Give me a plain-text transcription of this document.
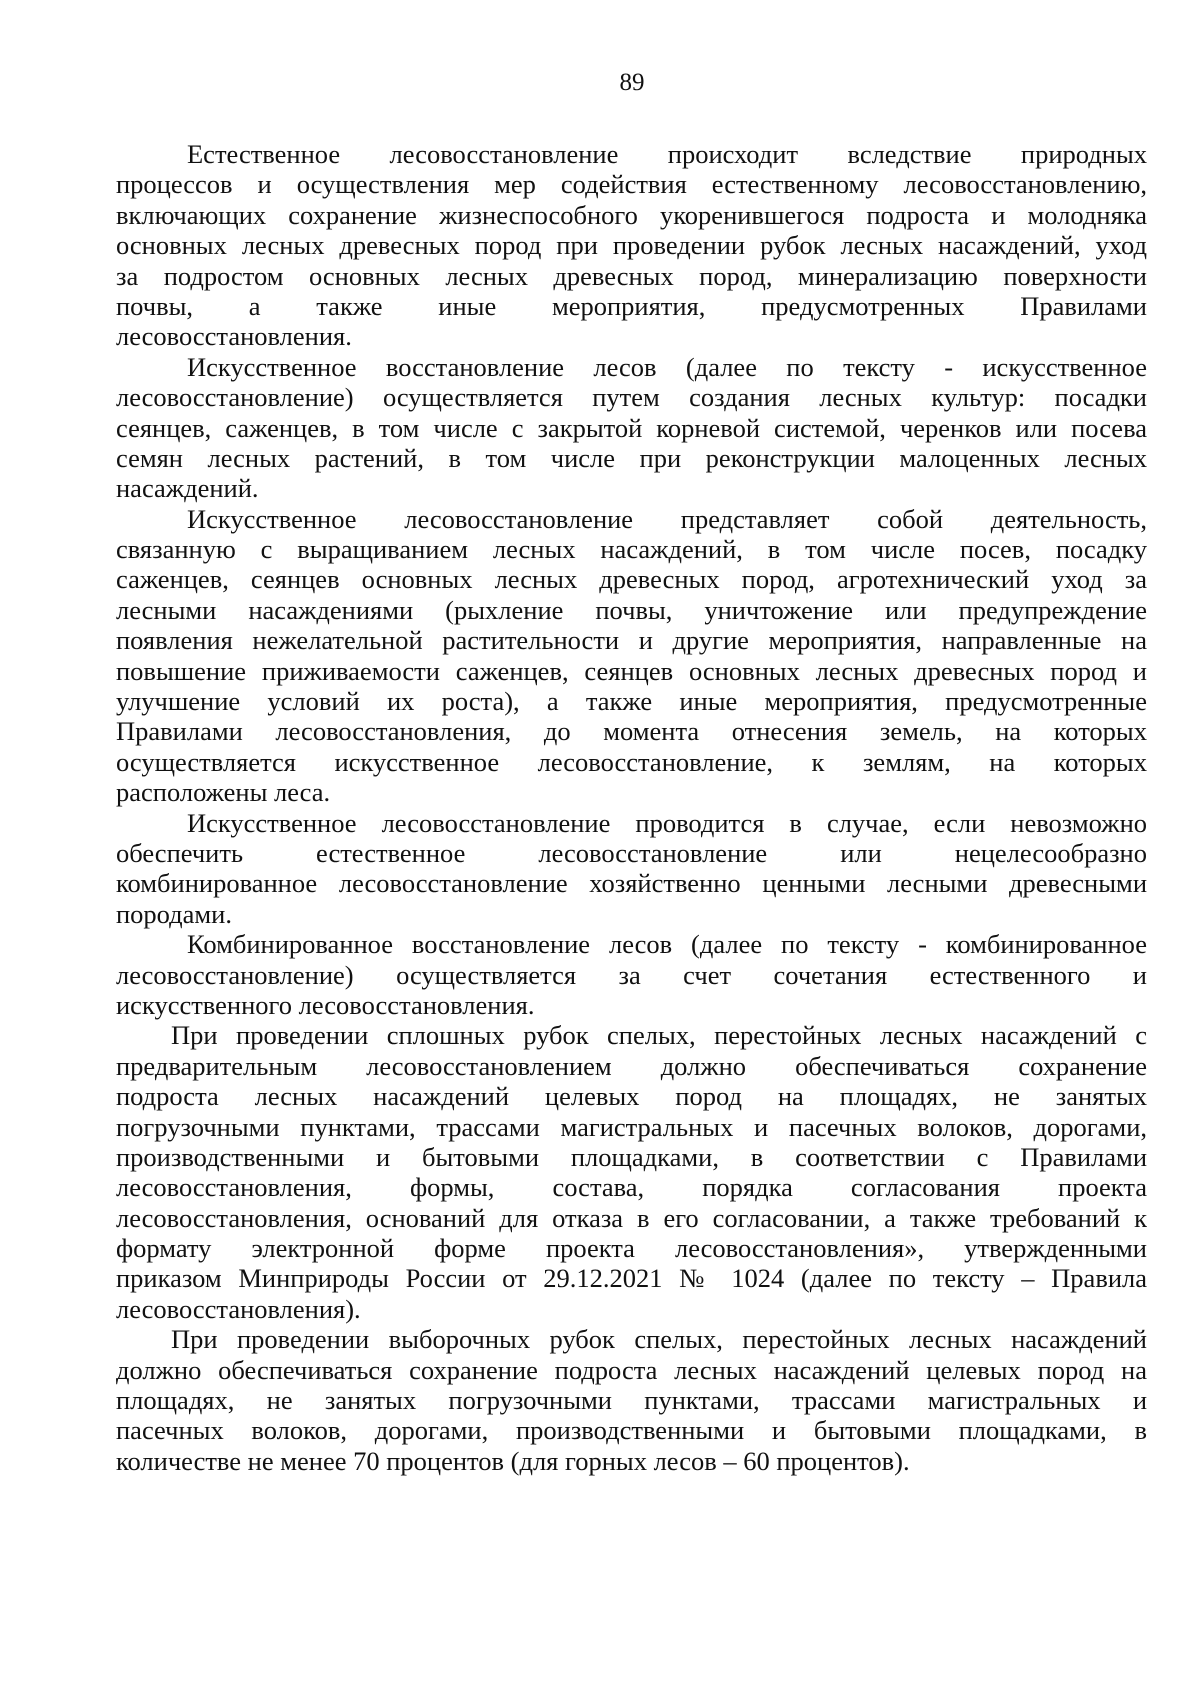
89

Естественное лесовосстановление происходит вследствие природных
процессов и осуществления мер содействия естественному лесовосстановлению,
включающих сохранение жизнеспособного укоренившегося подроста и молодняка
основных лесных древесных пород при проведении рубок лесных насаждений, уход
за подростом основных лесных древесных пород, минерализацию поверхности
почвы, а также иные мероприятия, предусмотренных Правилами
лесовосстановления.
Искусственное восстановление лесов (далее по тексту - искусственное
лесовосстановление) осуществляется путем создания лесных культур: посадки
сеянцев, саженцев, в том числе с закрытой корневой системой, черенков или посева
семян лесных растений, в том числе при реконструкции малоценных лесных
насаждений.
Искусственное лесовосстановление представляет собой деятельность,
связанную с выращиванием лесных насаждений, в том числе посев, посадку
саженцев, сеянцев основных лесных древесных пород, агротехнический уход за
лесными насаждениями (рыхление почвы, уничтожение или предупреждение
появления нежелательной растительности и другие мероприятия, направленные на
повышение приживаемости саженцев, сеянцев основных лесных древесных пород и
улучшение условий их роста), а также иные мероприятия, предусмотренные
Правилами лесовосстановления, до момента отнесения земель, на которых
осуществляется искусственное лесовосстановление, к землям, на которых
расположены леса.
Искусственное лесовосстановление проводится в случае, если невозможно
обеспечить естественное лесовосстановление или нецелесообразно
комбинированное лесовосстановление хозяйственно ценными лесными древесными
породами.
Комбинированное восстановление лесов (далее по тексту - комбинированное
лесовосстановление) осуществляется за счет сочетания естественного и
искусственного лесовосстановления.
При проведении сплошных рубок спелых, перестойных лесных насаждений с
предварительным лесовосстановлением должно обеспечиваться сохранение
подроста лесных насаждений целевых пород на площадях, не занятых
погрузочными пунктами, трассами магистральных и пасечных волоков, дорогами,
производственными и бытовыми площадками, в соответствии с Правилами
лесовосстановления, формы, состава, порядка согласования проекта
лесовосстановления, оснований для отказа в его согласовании, а также требований к
формату электронной форме проекта лесовосстановления», утвержденными
приказом Минприроды России от 29.12.2021 № 1024 (далее по тексту – Правила
лесовосстановления).
При проведении выборочных рубок спелых, перестойных лесных насаждений
должно обеспечиваться сохранение подроста лесных насаждений целевых пород на
площадях, не занятых погрузочными пунктами, трассами магистральных и
пасечных волоков, дорогами, производственными и бытовыми площадками, в
количестве не менее 70 процентов (для горных лесов – 60 процентов).
